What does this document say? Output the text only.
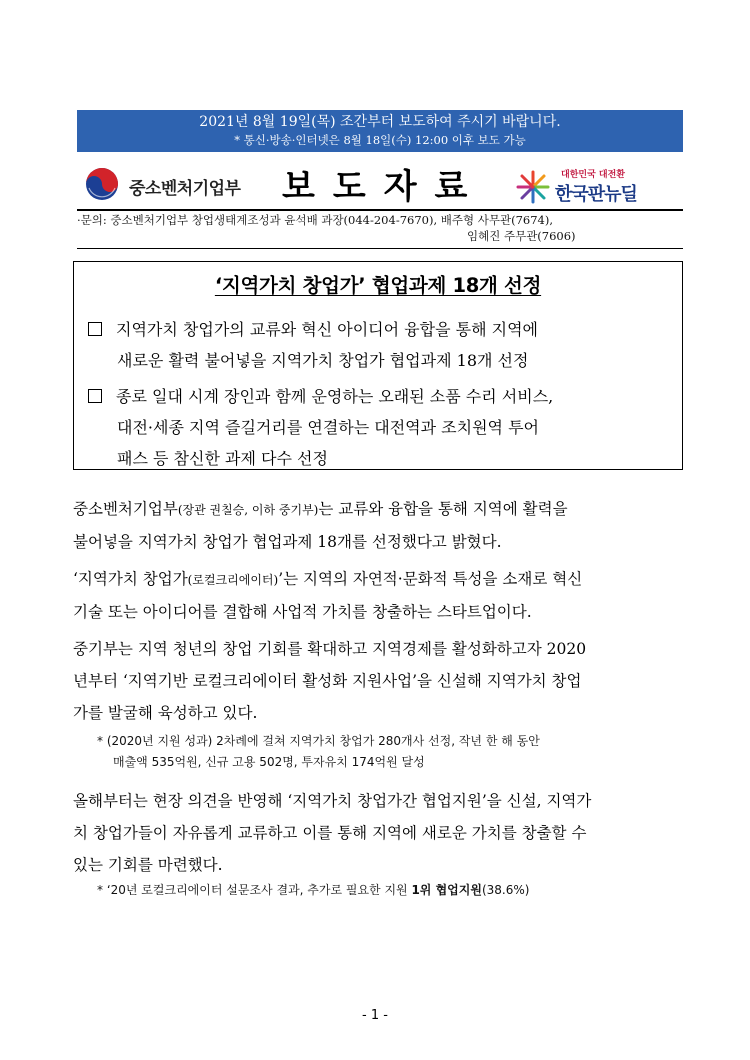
2021년 8월 19일(목) 조간부터 보도하여 주시기 바랍니다.
* 통신·방송·인터넷은 8월 18일(수) 12:00 이후 보도 가능
중소벤처기업부 보도자료	대한민국 대전환
한국판뉴딜
·문의: 중소벤처기업부 창업생태계조성과 윤석배 과장(044-204-7670), 배주형 사무관(7674),
임혜진 주무관(7606)
‘지역가치 창업가’ 협업과제 18개 선정
지역가치 창업가의 교류와 혁신 아이디어 융합을 통해 지역에
새로운 활력 불어넣을 지역가치 창업가 협업과제 18개 선정
종로 일대 시계 장인과 함께 운영하는 오래된 소품 수리 서비스,
대전·세종 지역 즐길거리를 연결하는 대전역과 조치원역 투어
패스 등 참신한 과제 다수 선정
중소벤처기업부(장관 권칠승, 이하 중기부)는 교류와 융합을 통해 지역에 활력을
불어넣을 지역가치 창업가 협업과제 18개를 선정했다고 밝혔다.
‘지역가치 창업가(로컬크리에이터)’는 지역의 자연적·문화적 특성을 소재로 혁신
기술 또는 아이디어를 결합해 사업적 가치를 창출하는 스타트업이다.
중기부는 지역 청년의 창업 기회를 확대하고 지역경제를 활성화하고자 2020
년부터 ‘지역기반 로컬크리에이터 활성화 지원사업’을 신설해 지역가치 창업
가를 발굴해 육성하고 있다.
* (2020년 지원 성과) 2차례에 걸쳐 지역가치 창업가 280개사 선정, 작년 한 해 동안
매출액 535억원, 신규 고용 502명, 투자유치 174억원 달성
올해부터는 현장 의견을 반영해 ‘지역가치 창업가간 협업지원’을 신설, 지역가
치 창업가들이 자유롭게 교류하고 이를 통해 지역에 새로운 가치를 창출할 수
있는 기회를 마련했다.
* ‘20년 로컬크리에이터 설문조사 결과, 추가로 필요한 지원 1위 협업지원(38.6%)
- 1 -
